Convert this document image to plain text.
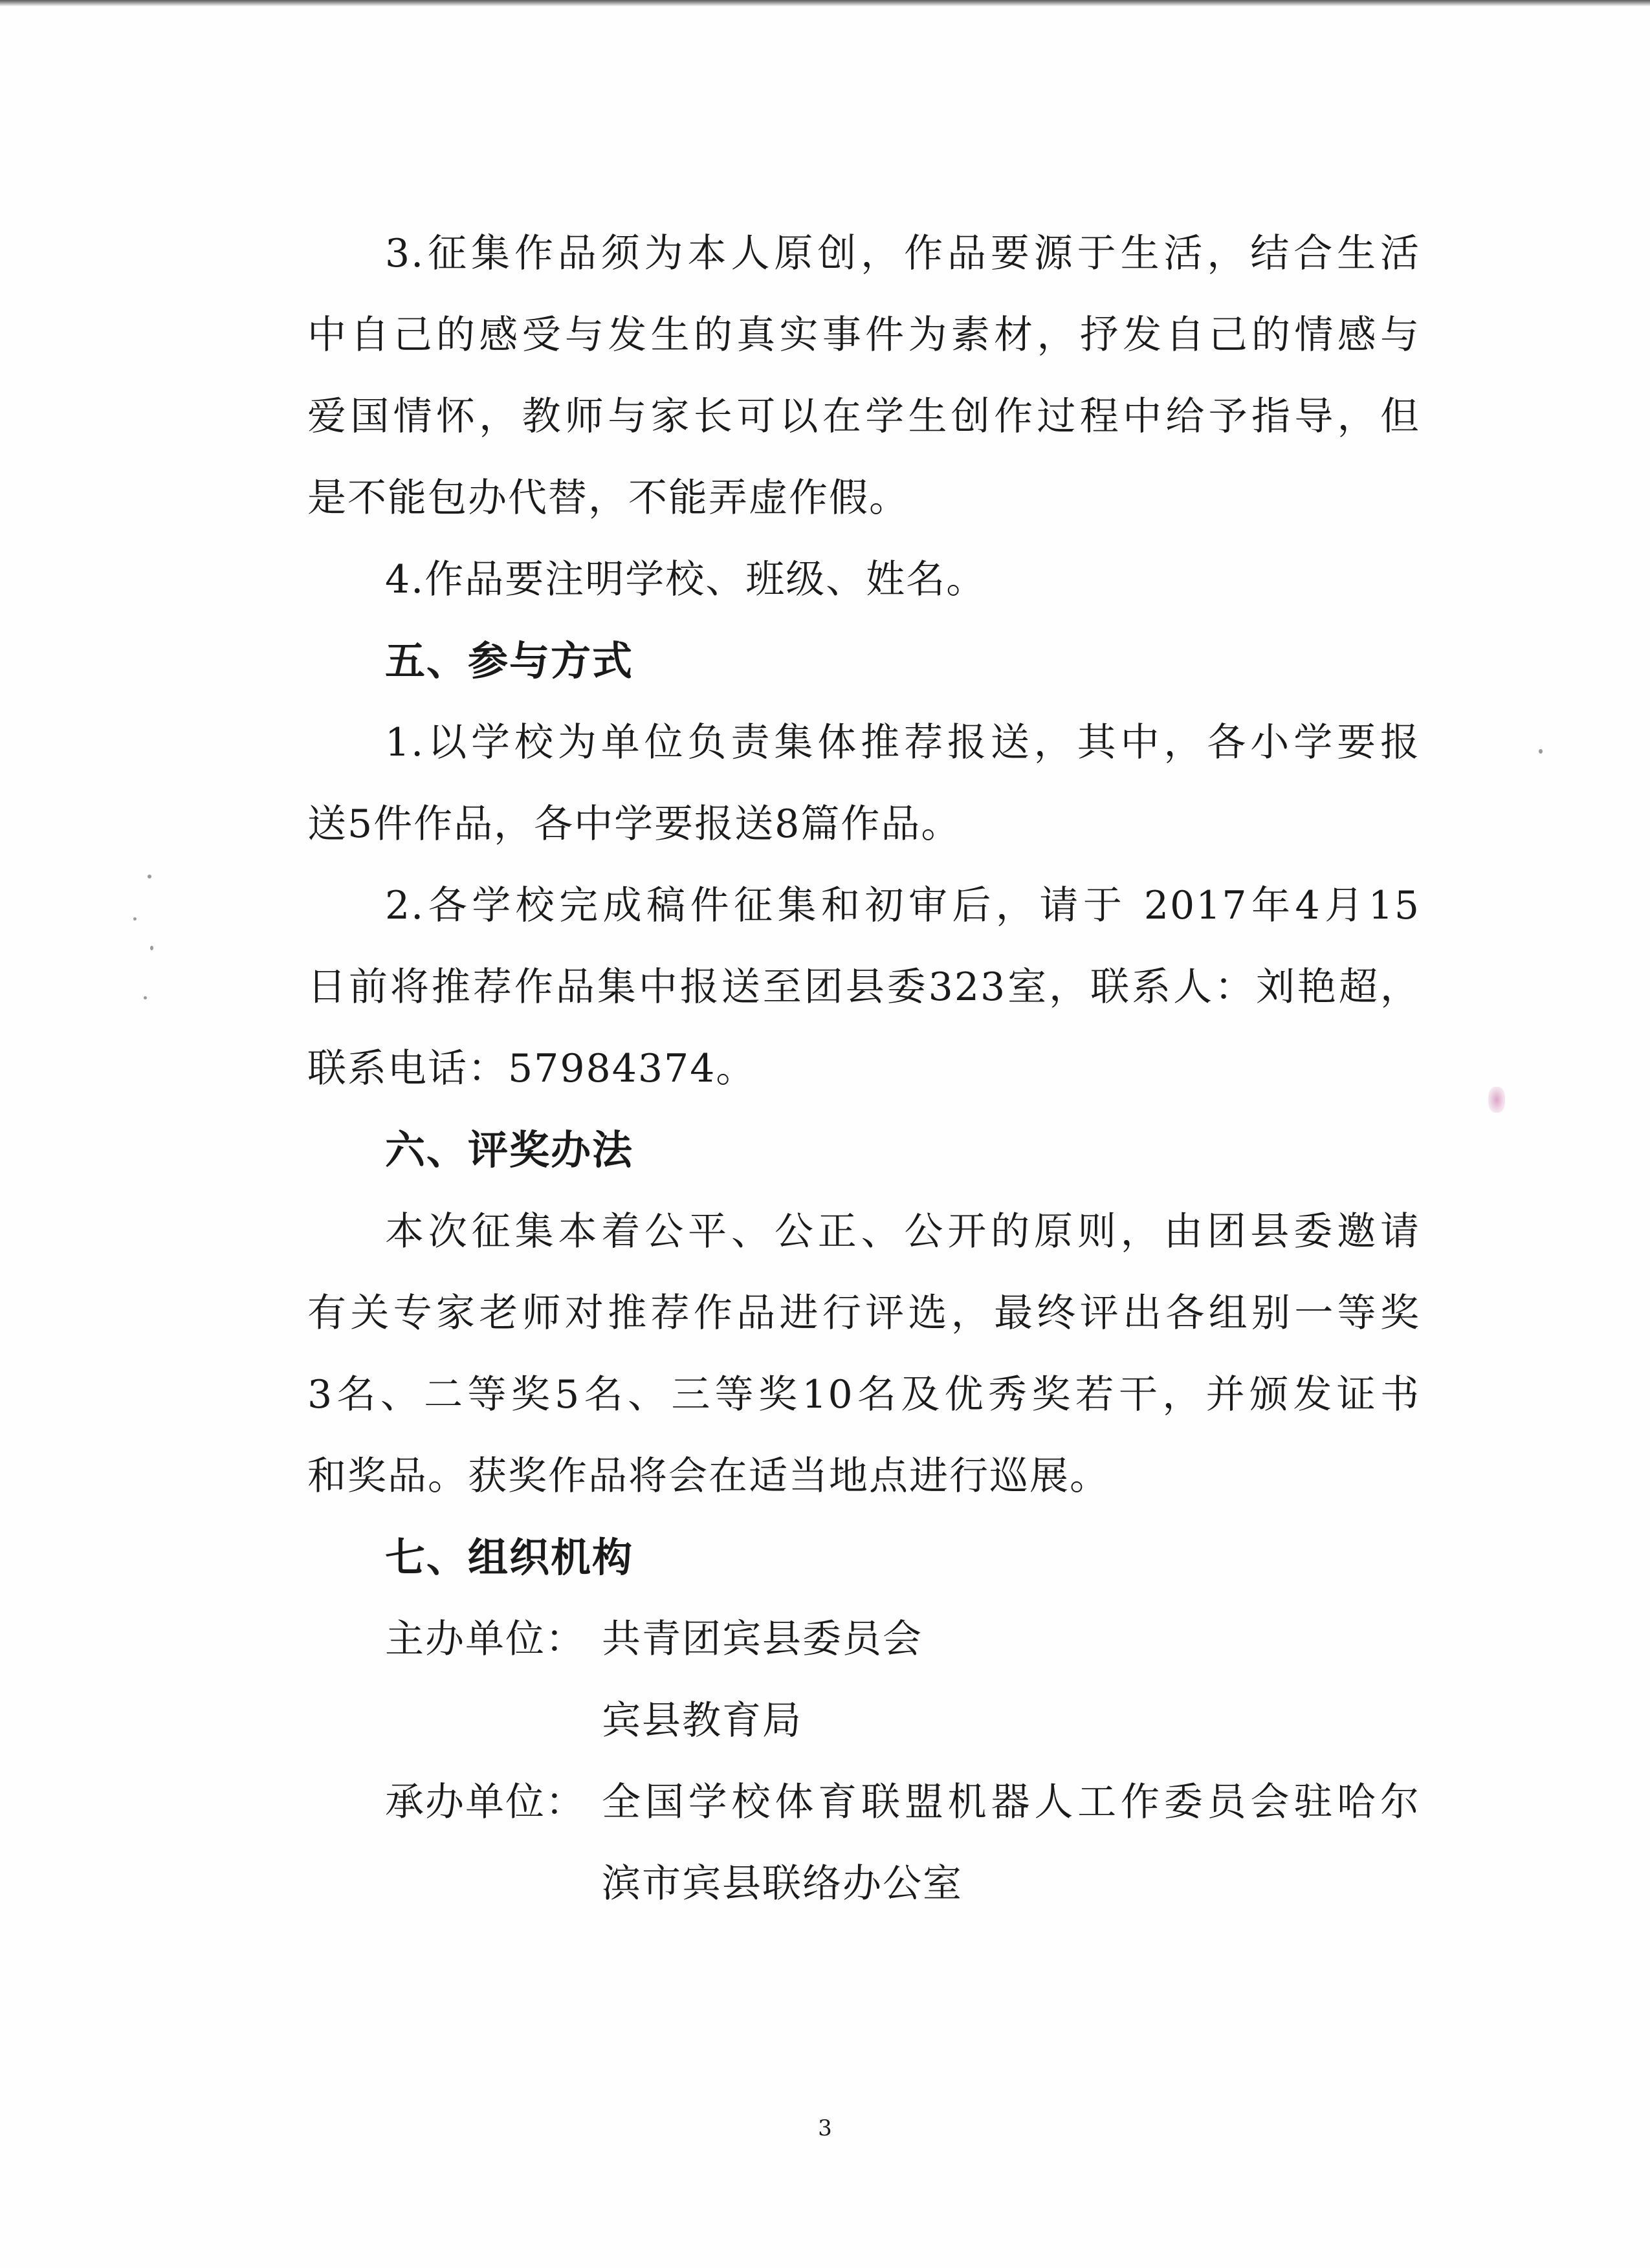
3.征集作品须为本人原创，作品要源于生活，结合生活
中自己的感受与发生的真实事件为素材，抒发自己的情感与
爱国情怀，教师与家长可以在学生创作过程中给予指导，但
是不能包办代替，不能弄虚作假。
4.作品要注明学校、班级、姓名。
五、参与方式
1.以学校为单位负责集体推荐报送，其中，各小学要报
送5件作品，各中学要报送8篇作品。
2.各学校完成稿件征集和初审后，请于 2017年4月15
日前将推荐作品集中报送至团县委323室，联系人：刘艳超，
联系电话：57984374。
六、评奖办法
本次征集本着公平、公正、公开的原则，由团县委邀请
有关专家老师对推荐作品进行评选，最终评出各组别一等奖
3名、二等奖5名、三等奖10名及优秀奖若干，并颁发证书
和奖品。获奖作品将会在适当地点进行巡展。
七、组织机构
主办单位： 共青团宾县委员会
宾县教育局
承办单位： 全国学校体育联盟机器人工作委员会驻哈尔
滨市宾县联络办公室
3
